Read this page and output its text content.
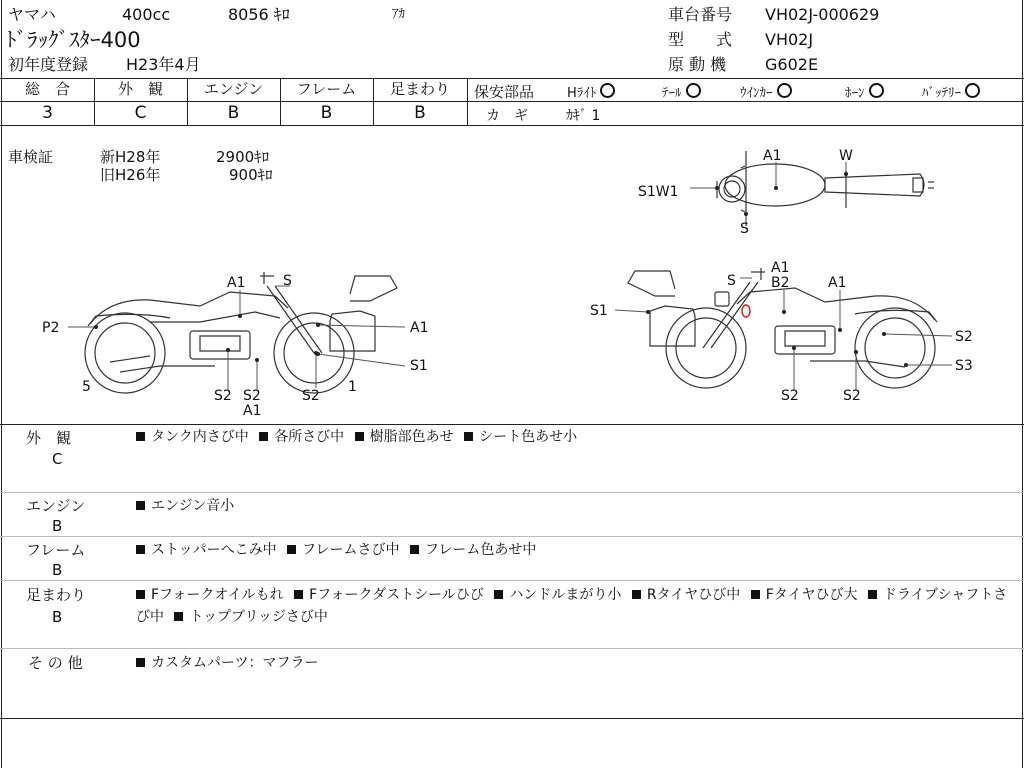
ヤマハ	400cc	8056 ｷﾛ	ｱｶ
ﾄﾞﾗｯｸﾞｽﾀｰ400
初年度登録 H23年4月
車台番号 VH02J-000629
型　　式 VH02J
原 動 機 G602E
総　合	外　観	エンジン	フレーム	足まわり
3	C	B	B	B
保安部品	Hﾗｲﾄ	ﾃｰﾙ	ｳｲﾝｶｰ	ﾎｰﾝ	ﾊﾞｯﾃﾘｰ
カ　ギ	ｶｷﾞ 1
車検証	新H28年	2900ｷﾛ
旧H26年	900ｷﾛ
A1	W
S1W1
S
A1	S
P2	A1
S1
5	1
S2 S2
A1
S2
S
A1
B2	A1
S1
S2
S3
S2	S2
外　観
C
タンク内さび中 各所さび中 樹脂部色あせ シート色あせ小
エンジン
B
エンジン音小
フレーム
B
ストッパーへこみ中 フレームさび中 フレーム色あせ中
足まわり
B
Fフォークオイルもれ Fフォークダストシールひび ハンドルまがり小 Rタイヤひび中 Fタイヤひび大 ドライブシャフトさび中 トップブリッジさび中
そ の 他	カスタムパーツ：マフラー
